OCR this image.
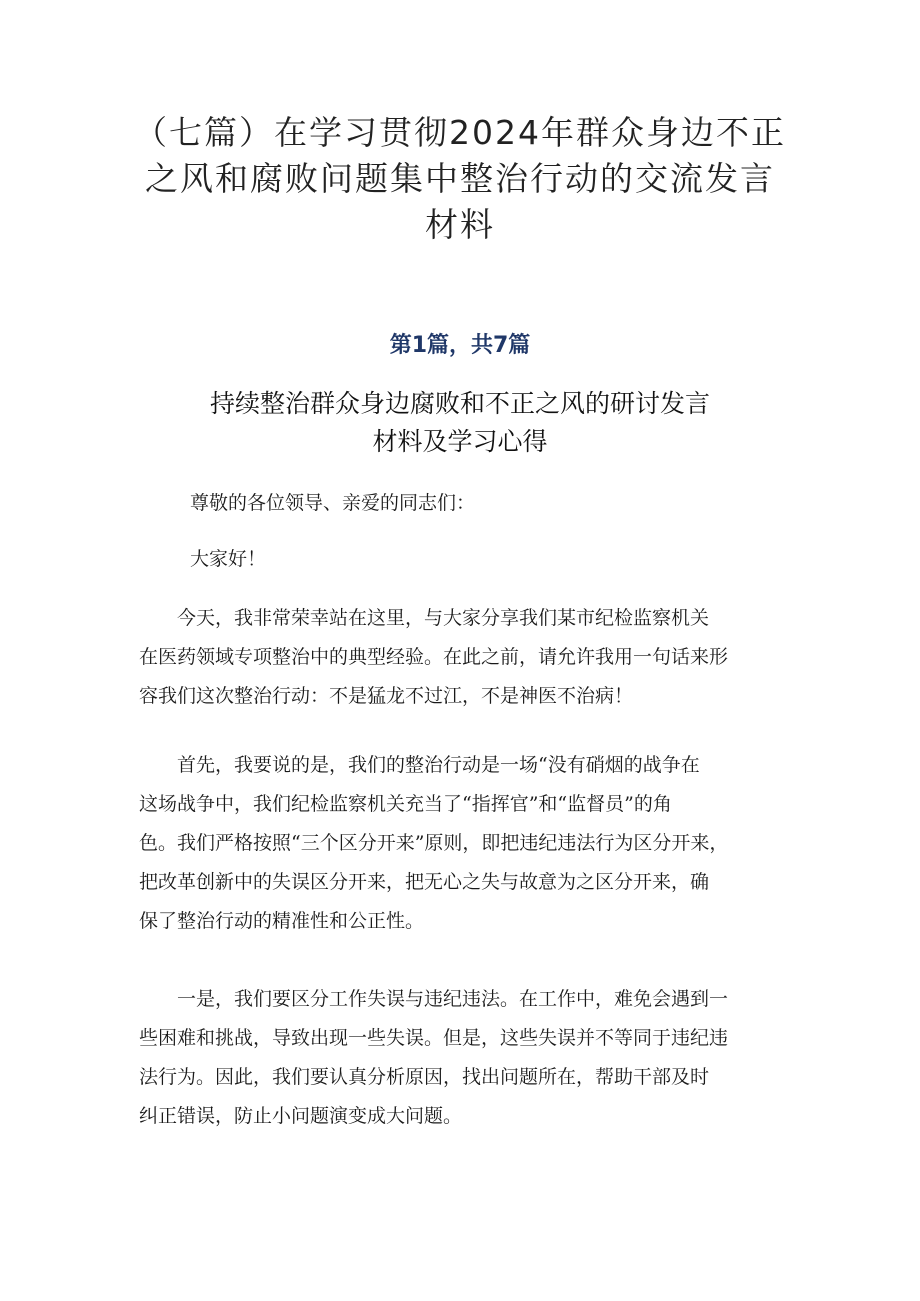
（七篇）在学习贯彻2024年群众身边不正
之风和腐败问题集中整治行动的交流发言
材料
第1篇，共7篇
持续整治群众身边腐败和不正之风的研讨发言
材料及学习心得
尊敬的各位领导、亲爱的同志们：
大家好！
　　今天，我非常荣幸站在这里，与大家分享我们某市纪检监察机关
在医药领域专项整治中的典型经验。在此之前，请允许我用一句话来形
容我们这次整治行动：不是猛龙不过江，不是神医不治病！
　　首先，我要说的是，我们的整治行动是一场“没有硝烟的战争在
这场战争中，我们纪检监察机关充当了“指挥官”和“监督员”的角
色。我们严格按照“三个区分开来”原则，即把违纪违法行为区分开来，
把改革创新中的失误区分开来，把无心之失与故意为之区分开来，确
保了整治行动的精准性和公正性。
　　一是，我们要区分工作失误与违纪违法。在工作中，难免会遇到一
些困难和挑战，导致出现一些失误。但是，这些失误并不等同于违纪违
法行为。因此，我们要认真分析原因，找出问题所在，帮助干部及时
纠正错误，防止小问题演变成大问题。
